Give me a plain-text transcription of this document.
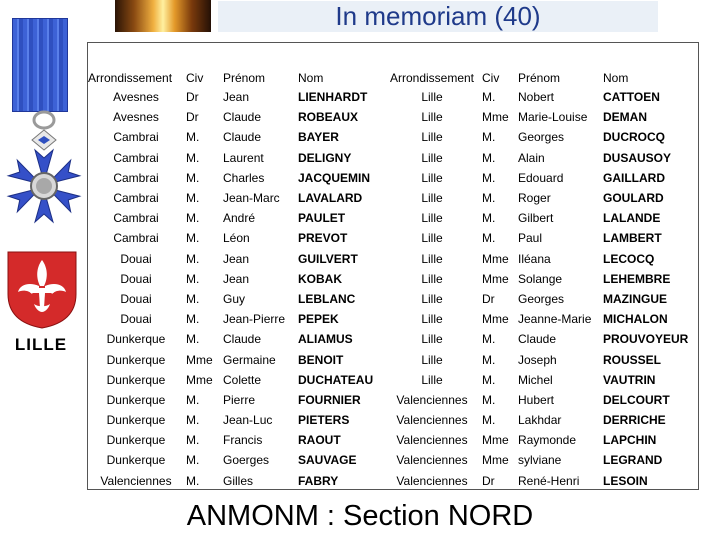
In memoriam (40)
LILLE
Arrondissement	Civ	Prénom	Nom	Arrondissement	Civ	Prénom	Nom
Avesnes	Dr	Jean	LIENHARDT	Lille	M.	Nobert	CATTOEN
Avesnes	Dr	Claude	ROBEAUX	Lille	Mme	Marie-Louise	DEMAN
Cambrai	M.	Claude	BAYER	Lille	M.	Georges	DUCROCQ
Cambrai	M.	Laurent	DELIGNY	Lille	M.	Alain	DUSAUSOY
Cambrai	M.	Charles	JACQUEMIN	Lille	M.	Edouard	GAILLARD
Cambrai	M.	Jean-Marc	LAVALARD	Lille	M.	Roger	GOULARD
Cambrai	M.	André	PAULET	Lille	M.	Gilbert	LALANDE
Cambrai	M.	Léon	PREVOT	Lille	M.	Paul	LAMBERT
Douai	M.	Jean	GUILVERT	Lille	Mme	Iléana	LECOCQ
Douai	M.	Jean	KOBAK	Lille	Mme	Solange	LEHEMBRE
Douai	M.	Guy	LEBLANC	Lille	Dr	Georges	MAZINGUE
Douai	M.	Jean-Pierre	PEPEK	Lille	Mme	Jeanne-Marie	MICHALON
Dunkerque	M.	Claude	ALIAMUS	Lille	M.	Claude	PROUVOYEUR
Dunkerque	Mme	Germaine	BENOIT	Lille	M.	Joseph	ROUSSEL
Dunkerque	Mme	Colette	DUCHATEAU	Lille	M.	Michel	VAUTRIN
Dunkerque	M.	Pierre	FOURNIER	Valenciennes	M.	Hubert	DELCOURT
Dunkerque	M.	Jean-Luc	PIETERS	Valenciennes	M.	Lakhdar	DERRICHE
Dunkerque	M.	Francis	RAOUT	Valenciennes	Mme	Raymonde	LAPCHIN
Dunkerque	M.	Goerges	SAUVAGE	Valenciennes	Mme	sylviane	LEGRAND
Valenciennes	M.	Gilles	FABRY	Valenciennes	Dr	René-Henri	LESOIN
ANMONM : Section NORD
